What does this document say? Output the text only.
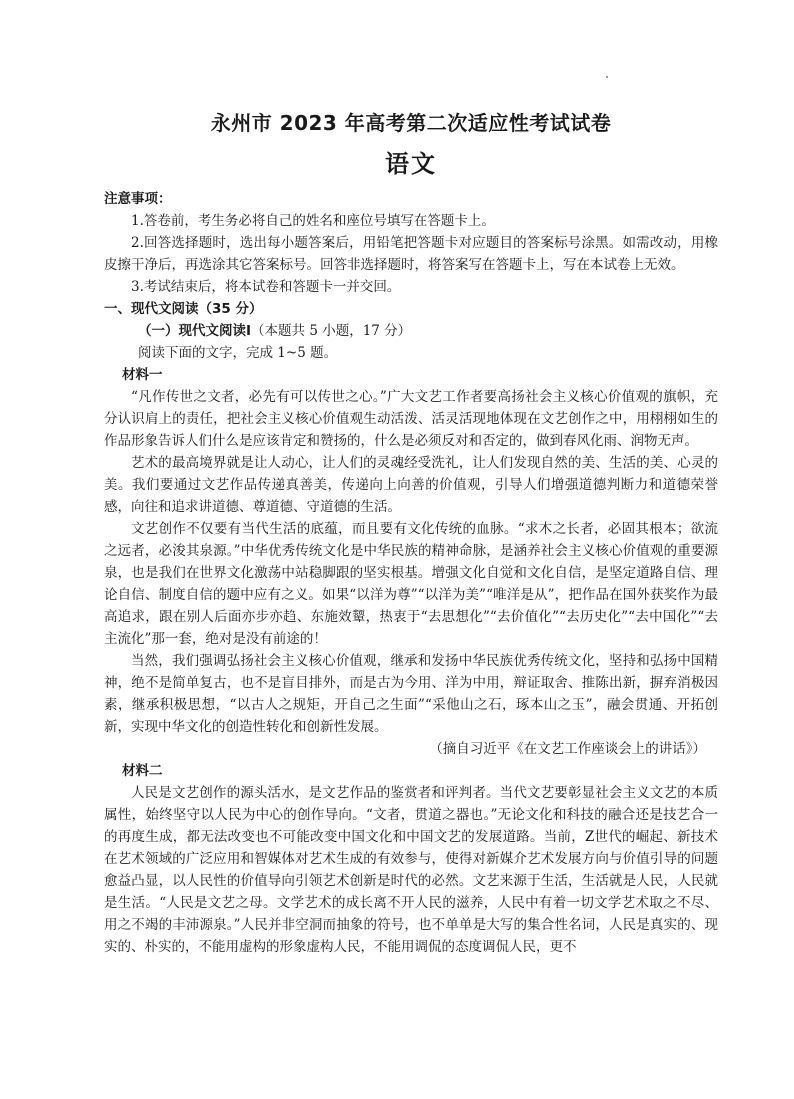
永州市 2023 年高考第二次适应性考试试卷
语文
注意事项：

1.答卷前，考生务必将自己的姓名和座位号填写在答题卡上。

2.回答选择题时，选出每小题答案后，用铅笔把答题卡对应题目的答案标号涂黑。如需改动，用橡皮擦干净后，再选涂其它答案标号。回答非选择题时，将答案写在答题卡上，写在本试卷上无效。

3.考试结束后，将本试卷和答题卡一并交回。

一、现代文阅读（35 分）
（一）现代文阅读Ⅰ（本题共 5 小题，17 分）
阅读下面的文字，完成 1~5 题。
材料一

“凡作传世之文者，必先有可以传世之心。”广大文艺工作者要高扬社会主义核心价值观的旗帜，充分认识肩上的责任，把社会主义核心价值观生动活泼、活灵活现地体现在文艺创作之中，用栩栩如生的作品形象告诉人们什么是应该肯定和赞扬的，什么是必须反对和否定的，做到春风化雨、润物无声。

艺术的最高境界就是让人动心，让人们的灵魂经受洗礼，让人们发现自然的美、生活的美、心灵的美。我们要通过文艺作品传递真善美，传递向上向善的价值观，引导人们增强道德判断力和道德荣誉感，向往和追求讲道德、尊道德、守道德的生活。

文艺创作不仅要有当代生活的底蕴，而且要有文化传统的血脉。“求木之长者，必固其根本；欲流之远者，必浚其泉源。”中华优秀传统文化是中华民族的精神命脉，是涵养社会主义核心价值观的重要源泉，也是我们在世界文化激荡中站稳脚跟的坚实根基。增强文化自觉和文化自信，是坚定道路自信、理论自信、制度自信的题中应有之义。如果“以洋为尊”“以洋为美”“唯洋是从”，把作品在国外获奖作为最高追求，跟在别人后面亦步亦趋、东施效颦，热衷于“去思想化”“去价值化”“去历史化”“去中国化”“去主流化”那一套，绝对是没有前途的！

当然，我们强调弘扬社会主义核心价值观，继承和发扬中华民族优秀传统文化，坚持和弘扬中国精神，绝不是简单复古，也不是盲目排外，而是古为今用、洋为中用，辩证取舍、推陈出新，摒弃消极因素，继承积极思想，“以古人之规矩，开自己之生面”“采他山之石，琢本山之玉”，融会贯通、开拓创新，实现中华文化的创造性转化和创新性发展。

（摘自习近平《在文艺工作座谈会上的讲话》）
材料二

人民是文艺创作的源头活水，是文艺作品的鉴赏者和评判者。当代文艺要彰显社会主义文艺的本质属性，始终坚守以人民为中心的创作导向。“文者，贯道之器也。”无论文化和科技的融合还是技艺合一的再度生成，都无法改变也不可能改变中国文化和中国文艺的发展道路。当前，Z世代的崛起、新技术在艺术领域的广泛应用和智媒体对艺术生成的有效参与，使得对新媒介艺术发展方向与价值引导的问题愈益凸显，以人民性的价值导向引领艺术创新是时代的必然。文艺来源于生活，生活就是人民，人民就是生活。“人民是文艺之母。文学艺术的成长离不开人民的滋养，人民中有着一切文学艺术取之不尽、用之不竭的丰沛源泉。”人民并非空洞而抽象的符号，也不单单是大写的集合性名词，人民是真实的、现实的、朴实的，不能用虚构的形象虚构人民，不能用调侃的态度调侃人民，更不
